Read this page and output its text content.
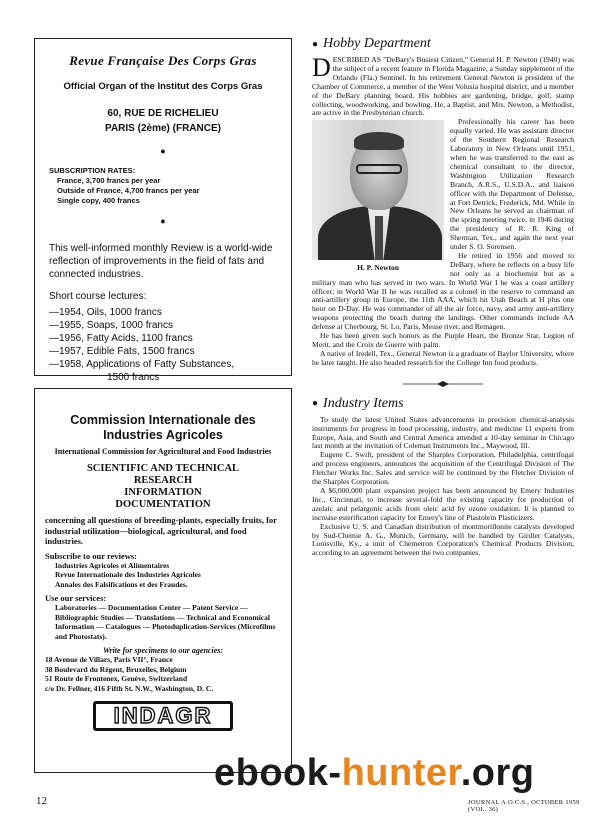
Revue Française Des Corps Gras
Official Organ of the Institut des Corps Gras
60, RUE DE RICHELIEU
PARIS (2ème) (FRANCE)
●
SUBSCRIPTION RATES:
France, 3,700 francs per year
Outside of France, 4,700 francs per year
Single copy, 400 francs
●
This well-informed monthly Review is a world-wide reflection of improvements in the field of fats and connected industries.
Short course lectures:
—1954, Oils, 1000 francs
—1955, Soaps, 1000 francs
—1956, Fatty Acids, 1100 francs
—1957, Edible Fats, 1500 francs
—1958, Applications of Fatty Substances,
1500 francs
Commission Internationale des Industries Agricoles
International Commission for Agricultural and Food Industries
SCIENTIFIC AND TECHNICAL
RESEARCH
INFORMATION
DOCUMENTATION
concerning all questions of breeding-plants, especially fruits, for industrial utilization—biological, agricultural, and food industries.
Subscribe to our reviews:
Industries Agricoles et Alimentaires
Revue Internationale des Industries Agricoles
Annales des Falsifications et des Fraudes.
Use our services:
Laboratories — Documentation Center — Patent Service — Bibliographic Studies — Translations — Technical and Economical Information — Catalogues — Photoduplication-Services (Microfilms and Photostats).
Write for specimens to our agencies:
18 Avenue de Villars, Paris VII°, France
38 Boulevard du Régent, Bruxelles, Belgium
51 Route de Frontenex, Genève, Switzerland
c/o Dr. Fellner, 416 Fifth St. N.W., Washington, D. C.
INDAGR
● Hobby Department

DESCRIBED AS "DeBary's Busiest Citizen," General H. P. Newton (1940) was the subject of a recent feature in Florida Magazine, a Sunday supplement of the Orlando (Fla.) Sentinel. In his retirement General Newton is president of the Chamber of Commerce, a member of the West Volusia hospital district, and a member of the DeBary planning board. His hobbies are gardening, bridge, golf, stamp collecting, woodworking, and bowling. He, a Baptist, and Mrs. Newton, a Methodist, are active in the Presbyterian church.

H. P. Newton

Professionally his career has been equally varied. He was assistant director of the Southern Regional Research Laboratory in New Orleans until 1951, when he was transferred to the east as chemical consultant to the director, Washington Utilization Research Branch, A.R.S., U.S.D.A., and liaison officer with the Department of Defense, at Fort Detrick, Frederick, Md. While in New Orleans he served as chairman of the spring meeting twice, in 1946 during the presidency of R. R. King of Sherman, Tex., and again the next year under S. O. Sorensen.

He retired in 1956 and moved to DeBary, where he reflects on a busy life not only as a biochemist but as a military man who has served in two wars. In World War I he was a coast artillery officer; in World War II he was recalled as a colonel in the reserve to command an anti-artillery group in Europe, the 11th AAA, which hit Utah Beach at H plus one hour on D-Day. He was commander of all the air force, navy, and army anti-artillery weapons protecting the beach during the landings. Other commands include AA defense at Cherbourg, St. Lo, Paris, Meuse river, and Remagen.

He has been given such honors as the Purple Heart, the Bronze Star, Legion of Merit, and the Croix de Guerre with palm.

A native of Iredell, Tex., General Newton is a graduate of Baylor University, where he later taught. He also headed research for the College Inn food products.

● Industry Items

To study the latest United States advancements in precision chemical-analysis instruments for progress in food processing, industry, and medicine 11 experts from Europe, Asia, and South and Central America attended a 10-day seminar in Chicago last month at the invitation of Coleman Instruments Inc., Maywood, Ill.

Eugene C. Swift, president of the Sharples Corporation, Philadelphia, centrifugal and process engineers, announces the acquisition of the Centrifugal Division of The Fletcher Works Inc. Sales and service will be continued by the Fletcher Division of the Sharples Corporation.

A $6,000,000 plant expansion project has been announced by Emery Industries Inc., Cincinnati, to increase several-fold the existing capacity for production of azelaic and pelargonic acids from oleic acid by ozone oxidation. It is planned to increase esterification capacity for Emery's line of Plastolein Plasticizers.

Exclusive U. S. and Canadian distribution of montmorillonite catalysts developed by Sud-Chemie A. G., Munich, Germany, will be handled by Girdler Catalysts, Louisville, Ky., a unit of Chemetron Corporation's Chemical Products Division, according to an agreement between the two companies.

ebook-hunter.org
12	JOURNAL A.O.C.S., OCTOBER 1959 (VOL. 36)
